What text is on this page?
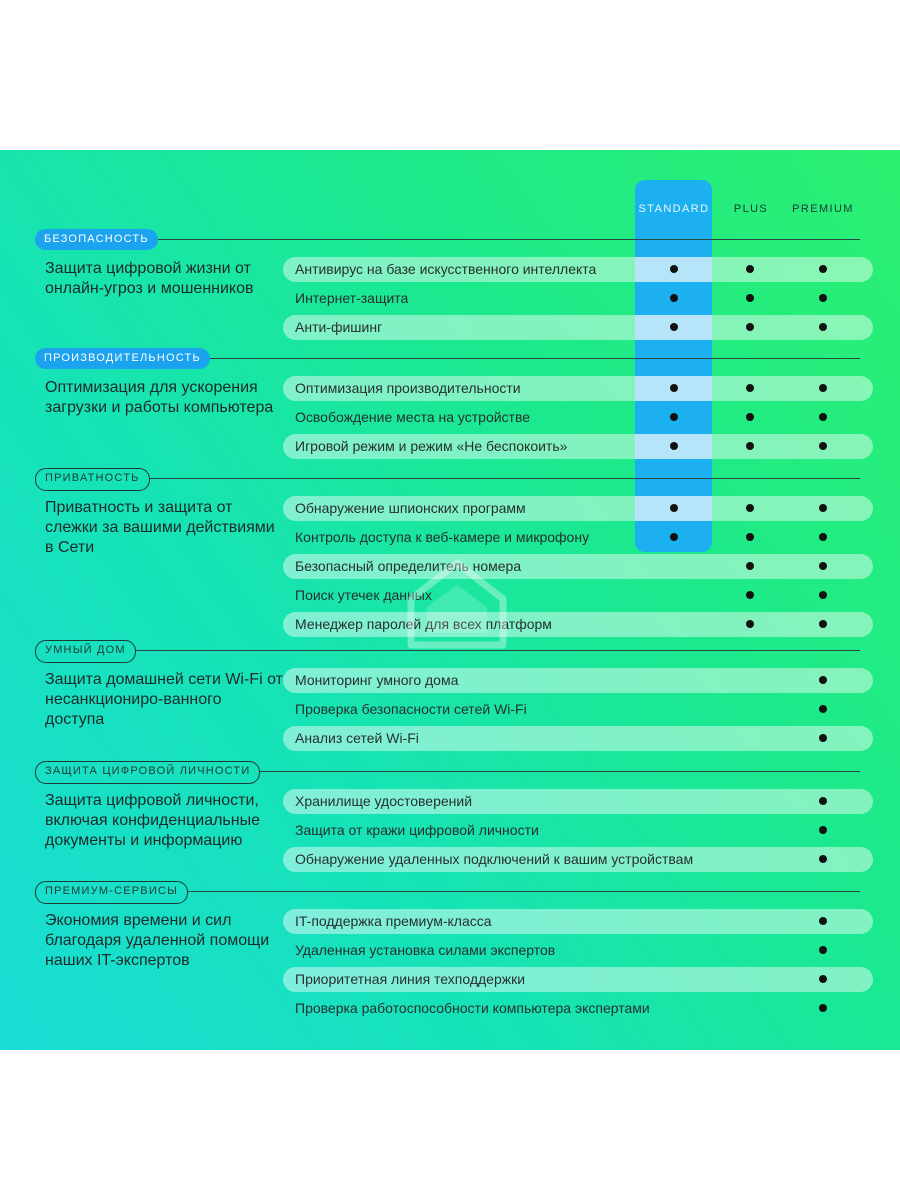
STANDARD	PLUS	PREMIUM
БЕЗОПАСНОСТЬ
Защита цифровой жизни от онлайн-угроз и мошенников
Антивирус на базе искусственного интеллекта
Интернет-защита
Анти-фишинг
ПРОИЗВОДИТЕЛЬНОСТЬ
Оптимизация для ускорения загрузки и работы компьютера
Оптимизация производительности
Освобождение места на устройстве
Игровой режим и режим «Не беспокоить»
ПРИВАТНОСТЬ
Приватность и защита от слежки за вашими действиями в Сети
Обнаружение шпионских программ
Контроль доступа к веб-камере и микрофону
Безопасный определитель номера
Поиск утечек данных
Менеджер паролей для всех платформ
УМНЫЙ ДОМ
Защита домашней сети Wi-Fi от несанкциониро-ванного доступа
Мониторинг умного дома
Проверка безопасности сетей Wi-Fi
Анализ сетей Wi-Fi
ЗАЩИТА ЦИФРОВОЙ ЛИЧНОСТИ
Защита цифровой личности, включая конфиденциальные документы и информацию
Хранилище удостоверений
Защита от кражи цифровой личности
Обнаружение удаленных подключений к вашим устройствам
ПРЕМИУМ-СЕРВИСЫ
Экономия времени и сил благодаря удаленной помощи наших IT-экспертов
IT-поддержка премиум-класса
Удаленная установка силами экспертов
Приоритетная линия техподдержки
Проверка работоспособности компьютера экспертами
